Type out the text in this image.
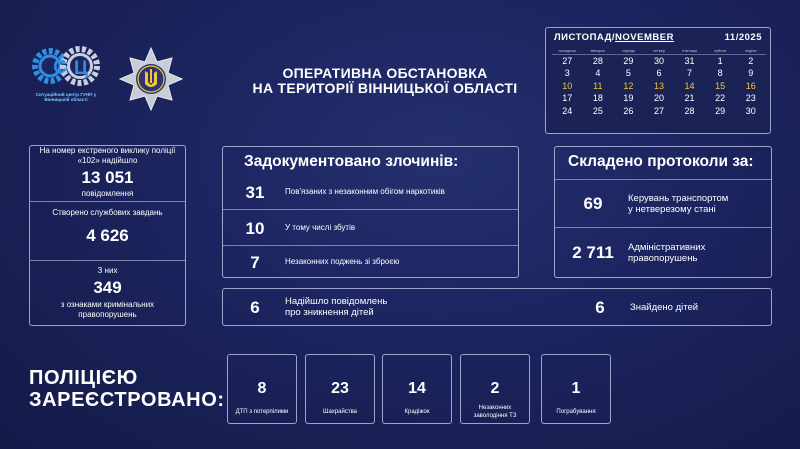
С Ц
Ситуаційний центр ГУНП у Вінницькій області
ОПЕРАТИВНА ОБСТАНОВКА
НА ТЕРИТОРІЇ ВІННИЦЬКОЇ ОБЛАСТІ
ЛИСТОПАД/NOVEMBER	11/2025
понеділок	вівторок	середа	четвер	п'ятниця	субота	неділя
27	28	29	30	31	1	2
3	4	5	6	7	8	9
10	11	12	13	14	15	16
17	18	19	20	21	22	23
24	25	26	27	28	29	30
На номер екстреного виклику поліції «102» надійшло
13 051
повідомлення
Створено службових завдань
4 626
З них
349
з ознаками кримінальних правопорушень
Задокументовано злочинів:
31	Пов'язаних з незаконним обігом наркотиків
10	У тому числі збутів
7	Незаконних поджень зі зброєю
Складено протоколи за:
69	Керувань транспортом
у нетверезому стані
2 711	Адміністративних
правопорушень
6	Надійшло повідомлень
про зникнення дітей	6	Знайдено дітей
ПОЛІЦІЄЮ
ЗАРЕЄСТРОВАНО:
8
ДТП з потерпілими
23
Шахрайства
14
Крадіжок
2
Незаконних
заволодіння ТЗ
1
Пограбування
